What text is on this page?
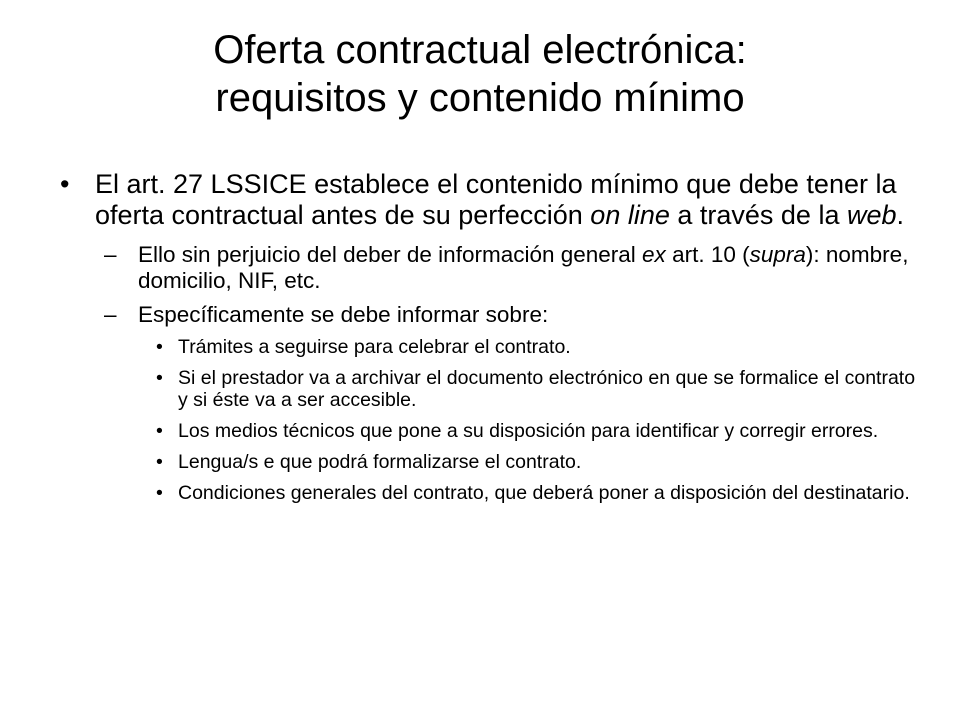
Oferta contractual electrónica:
requisitos y contenido mínimo
• El art. 27 LSSICE establece el contenido mínimo que debe tener la oferta contractual antes de su perfección on line a través de la web.
– Ello sin perjuicio del deber de información general ex art. 10 (supra): nombre, domicilio, NIF, etc.
– Específicamente se debe informar sobre:
• Trámites a seguirse para celebrar el contrato.
• Si el prestador va a archivar el documento electrónico en que se formalice el contrato y si éste va a ser accesible.
• Los medios técnicos que pone a su disposición para identificar y corregir errores.
• Lengua/s e que podrá formalizarse el contrato.
• Condiciones generales del contrato, que deberá poner a disposición del destinatario.
